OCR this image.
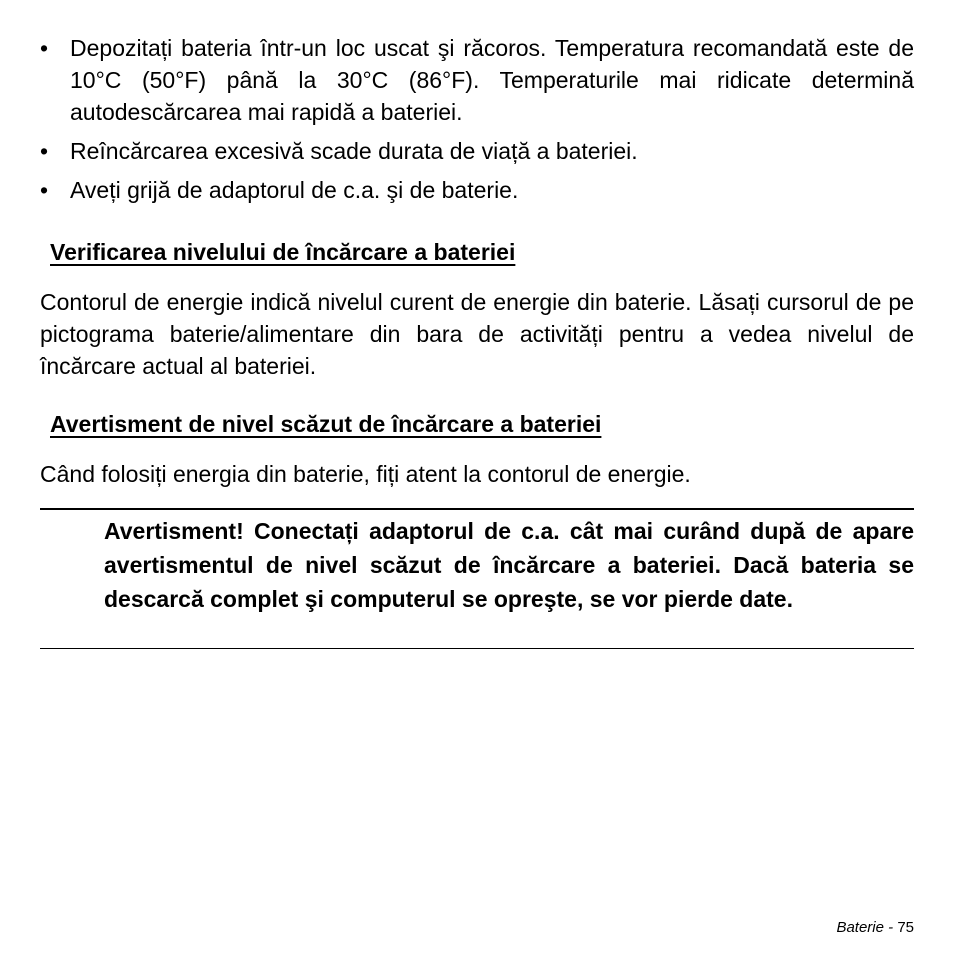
• Depozitați bateria într-un loc uscat şi răcoros. Temperatura recomandată este de 10°C (50°F) până la 30°C (86°F). Temperaturile mai ridicate determină autodescărcarea mai rapidă a bateriei.
• Reîncărcarea excesivă scade durata de viață a bateriei.
• Aveți grijă de adaptorul de c.a. şi de baterie.
Verificarea nivelului de încărcare a bateriei

Contorul de energie indică nivelul curent de energie din baterie. Lăsați cursorul de pe pictograma baterie/alimentare din bara de activități pentru a vedea nivelul de încărcare actual al bateriei.

Avertisment de nivel scăzut de încărcare a bateriei

Când folosiți energia din baterie, fiți atent la contorul de energie.

Avertisment! Conectați adaptorul de c.a. cât mai curând după de apare avertismentul de nivel scăzut de încărcare a bateriei. Dacă bateria se descarcă complet şi computerul se opreşte, se vor pierde date.

Baterie - 75
